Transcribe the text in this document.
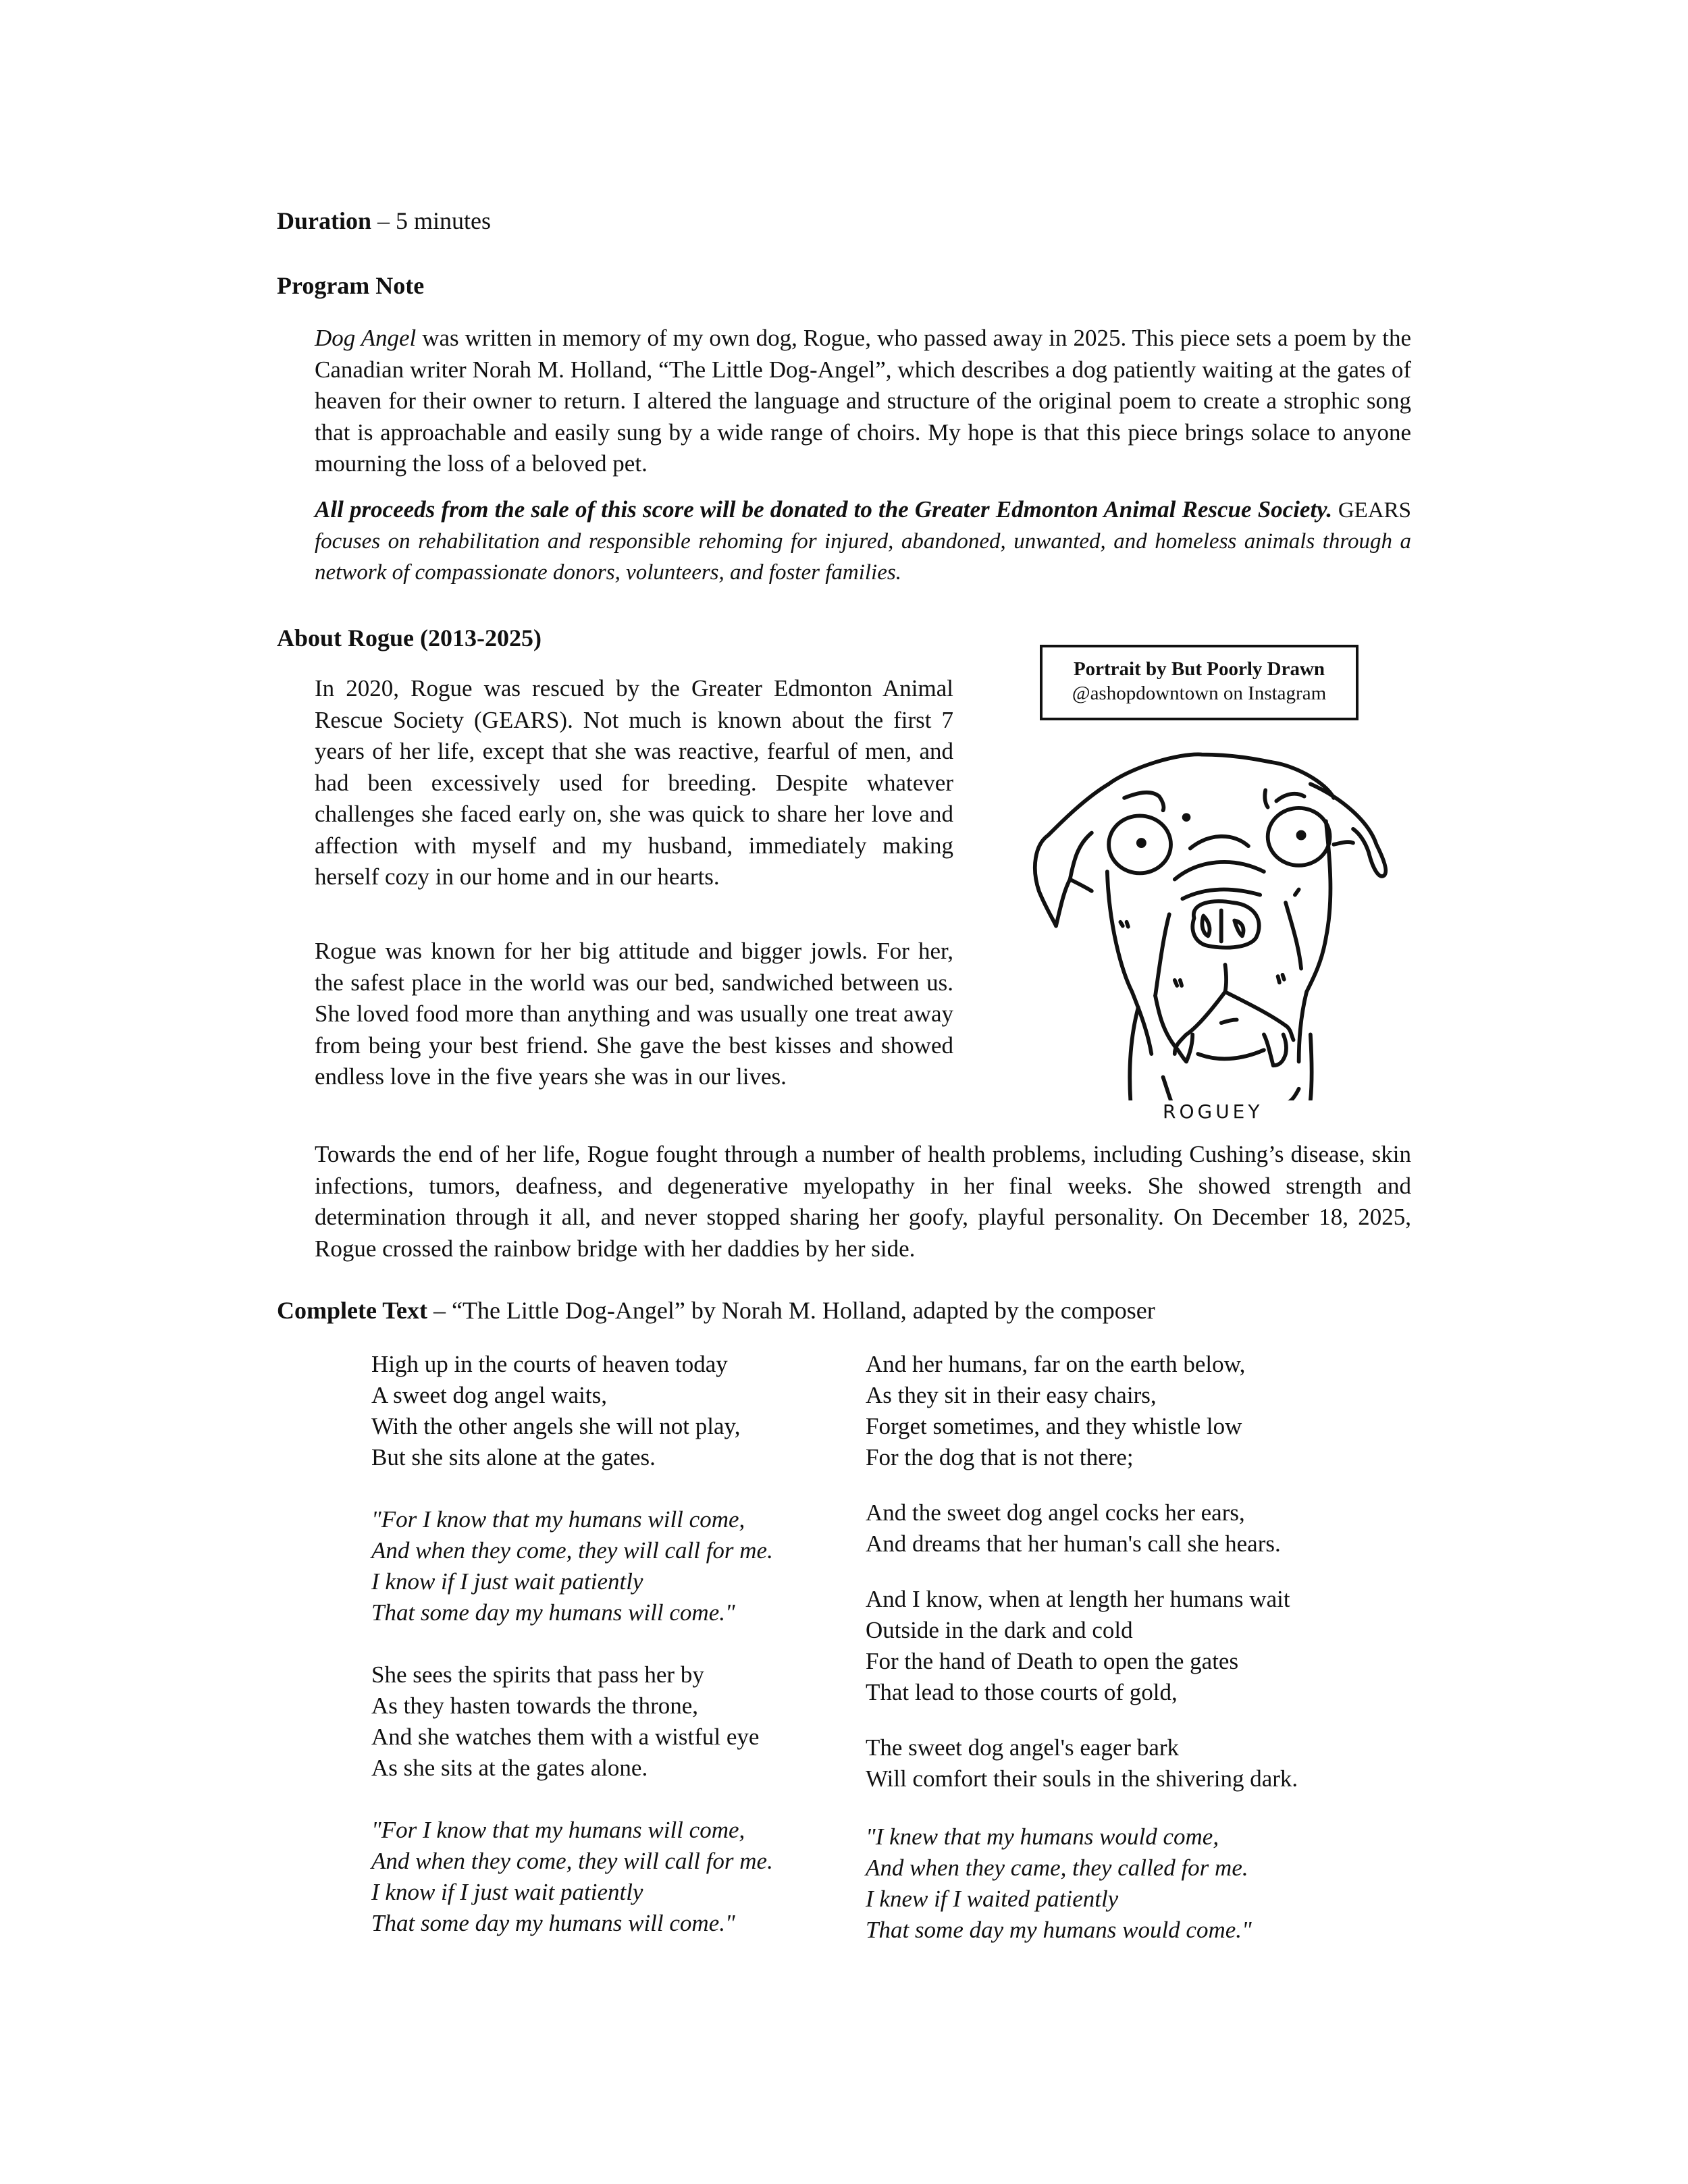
Duration – 5 minutes
Program Note

Dog Angel was written in memory of my own dog, Rogue, who passed away in 2025. This piece sets a poem by the Canadian writer Norah M. Holland, “The Little Dog-Angel”, which describes a dog patiently waiting at the gates of heaven for their owner to return. I altered the language and structure of the original poem to create a strophic song that is approachable and easily sung by a wide range of choirs. My hope is that this piece brings solace to anyone mourning the loss of a beloved pet.

All proceeds from the sale of this score will be donated to the Greater Edmonton Animal Rescue Society. GEARS focuses on rehabilitation and responsible rehoming for injured, abandoned, unwanted, and homeless animals through a network of compassionate donors, volunteers, and foster families.

About Rogue (2013-2025)

In 2020, Rogue was rescued by the Greater Edmonton Animal Rescue Society (GEARS). Not much is known about the first 7 years of her life, except that she was reactive, fearful of men, and had been excessively used for breeding. Despite whatever challenges she faced early on, she was quick to share her love and affection with myself and my husband, immediately making herself cozy in our home and in our hearts.

Rogue was known for her big attitude and bigger jowls. For her, the safest place in the world was our bed, sandwiched between us. She loved food more than anything and was usually one treat away from being your best friend. She gave the best kisses and showed endless love in the five years she was in our lives.

Portrait by But Poorly Drawn
@ashopdowntown on Instagram
ROGUEY

Towards the end of her life, Rogue fought through a number of health problems, including Cushing’s disease, skin infections, tumors, deafness, and degenerative myelopathy in her final weeks. She showed strength and determination through it all, and never stopped sharing her goofy, playful personality. On December 18, 2025, Rogue crossed the rainbow bridge with her daddies by her side.

Complete Text – “The Little Dog-Angel” by Norah M. Holland, adapted by the composer
High up in the courts of heaven today
A sweet dog angel waits,
With the other angels she will not play,
But she sits alone at the gates.
"For I know that my humans will come,
And when they come, they will call for me.
I know if I just wait patiently
That some day my humans will come."
She sees the spirits that pass her by
As they hasten towards the throne,
And she watches them with a wistful eye
As she sits at the gates alone.
"For I know that my humans will come,
And when they come, they will call for me.
I know if I just wait patiently
That some day my humans will come."
And her humans, far on the earth below,
As they sit in their easy chairs,
Forget sometimes, and they whistle low
For the dog that is not there;
And the sweet dog angel cocks her ears,
And dreams that her human's call she hears.
And I know, when at length her humans wait
Outside in the dark and cold
For the hand of Death to open the gates
That lead to those courts of gold,
The sweet dog angel's eager bark
Will comfort their souls in the shivering dark.
"I knew that my humans would come,
And when they came, they called for me.
I knew if I waited patiently
That some day my humans would come."
